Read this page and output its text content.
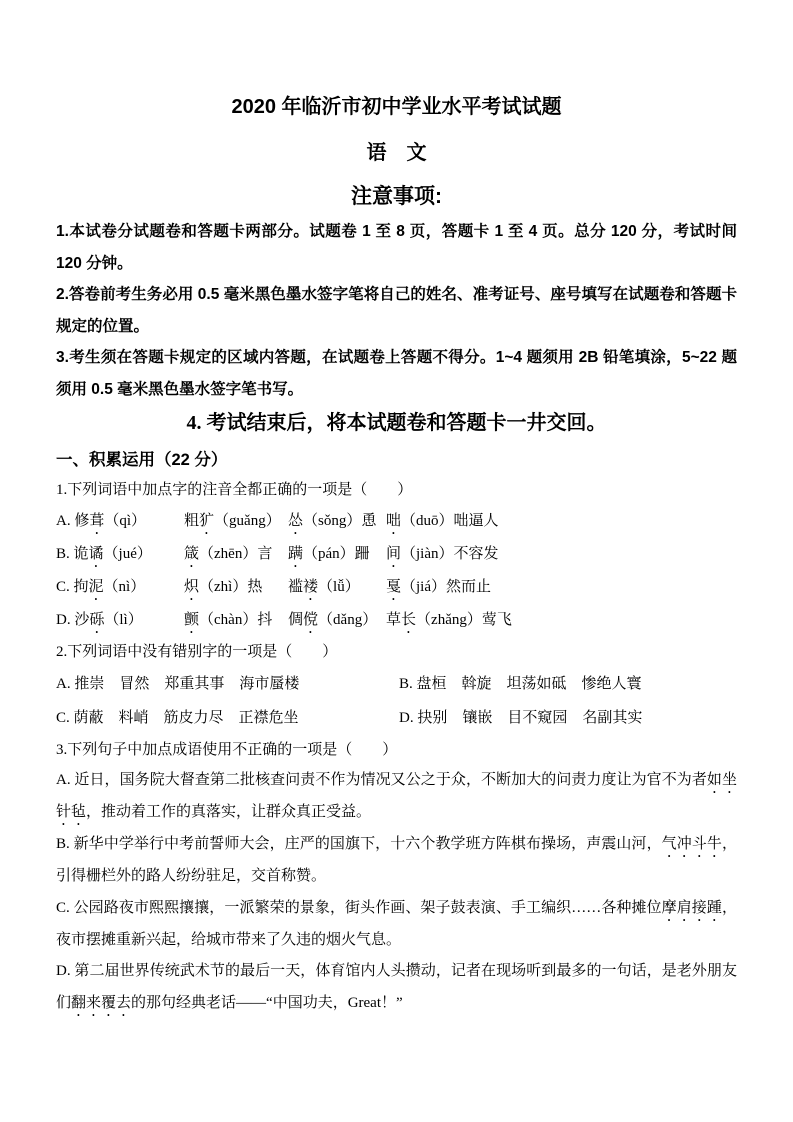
2020 年临沂市初中学业水平考试试题
语　文
注意事项:

1.本试卷分试题卷和答题卡两部分。试题卷 1 至 8 页，答题卡 1 至 4 页。总分 120 分，考试时间 120 分钟。

2.答卷前考生务必用 0.5 毫米黑色墨水签字笔将自己的姓名、准考证号、座号填写在试题卷和答题卡规定的位置。

3.考生须在答题卡规定的区域内答题，在试题卷上答题不得分。1~4 题须用 2B 铅笔填涂，5~22 题须用 0.5 毫米黑色墨水签字笔书写。

4. 考试结束后，将本试题卷和答题卡一井交回。

一、积累运用（22 分）

1.下列词语中加点字的注音全都正确的一项是（　　）

A. 修葺（qì）	粗犷（guǎng） 怂（sǒng）恿 咄（duō）咄逼人
B. 诡谲（jué）	箴（zhēn）言	蹒（pán）跚	间（jiàn）不容发
C. 拘泥（nì）	炽（zhì）热	褴褛（lǚ）	戛（jiá）然而止
D. 沙砾（lì）	颤（chàn）抖	倜傥（dǎng） 草长（zhǎng）莺飞

2.下列词语中没有错别字的一项是（　　）

A. 推崇　冒然　郑重其事　海市蜃楼	B. 盘桓　斡旋　坦荡如砥　惨绝人寰
C. 荫蔽　料峭　筋皮力尽　正襟危坐	D. 抉别　镶嵌　目不窥园　名副其实

3.下列句子中加点成语使用不正确的一项是（　　）

A. 近日，国务院大督查第二批核查问责不作为情况又公之于众，不断加大的问责力度让为官不为者如坐针毡，推动着工作的真落实，让群众真正受益。

B. 新华中学举行中考前誓师大会，庄严的国旗下，十六个教学班方阵棋布操场，声震山河，气冲斗牛，引得栅栏外的路人纷纷驻足，交首称赞。

C. 公园路夜市熙熙攘攘，一派繁荣的景象，街头作画、架子鼓表演、手工编织……各种摊位摩肩接踵，夜市摆摊重新兴起，给城市带来了久违的烟火气息。

D. 第二届世界传统武术节的最后一天，体育馆内人头攒动，记者在现场听到最多的一句话，是老外朋友们翻来覆去的那句经典老话——“中国功夫，Great！”
